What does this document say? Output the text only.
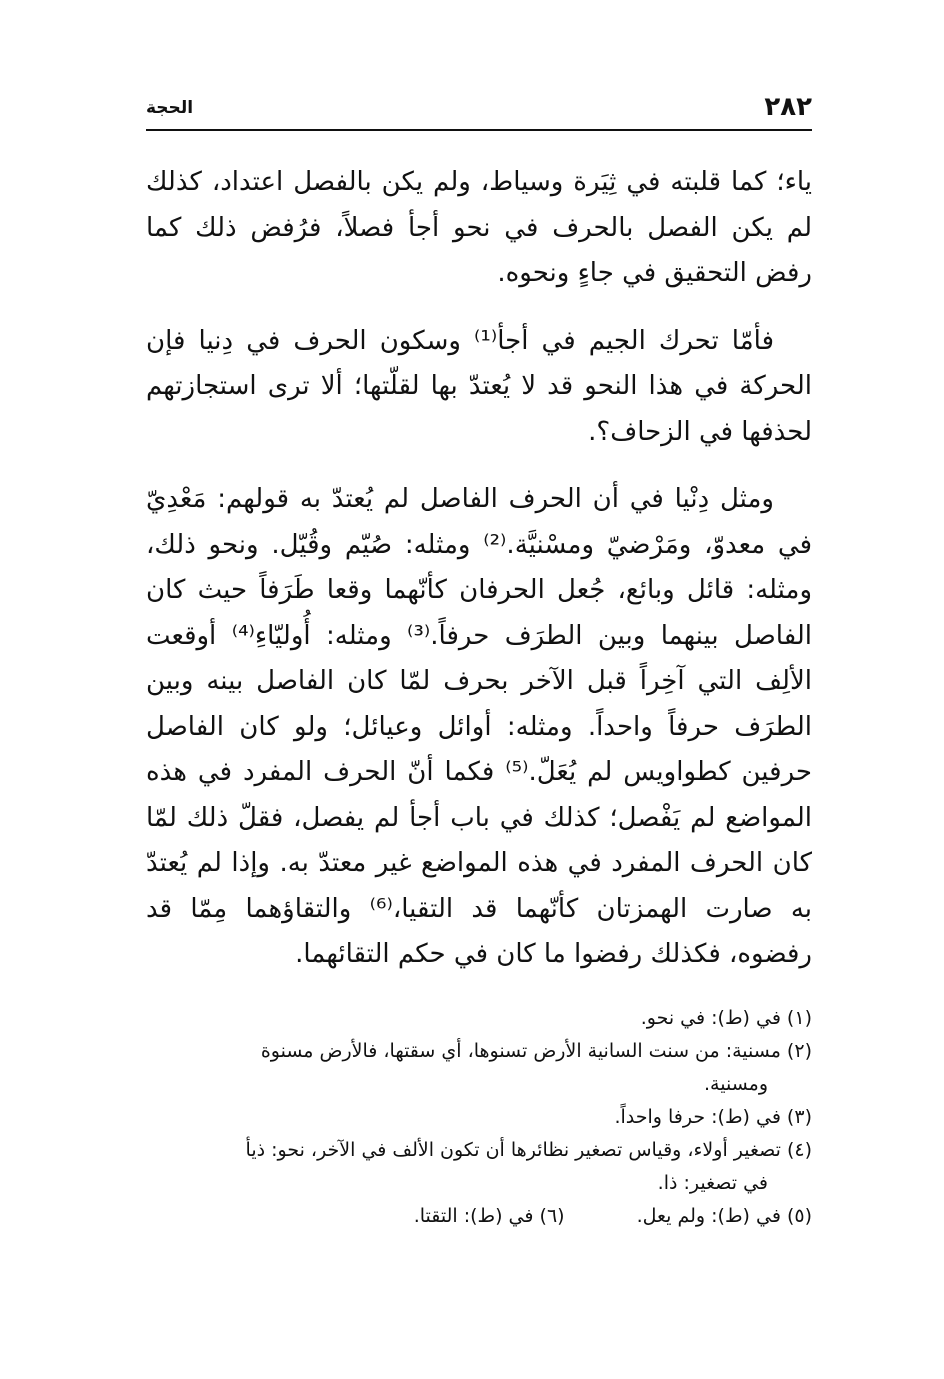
٢٨٢
الحجة

ياء؛ كما قلبته في ثِيَرة وسياط، ولم يكن بالفصل اعتداد، كذلك لم يكن الفصل بالحرف في نحو أجأ فصلاً، فرُفض ذلك كما رفض التحقيق في جاءٍ ونحوه.

فأمّا تحرك الجيم في أجأ⁽¹⁾ وسكون الحرف في دِنيا فإن الحركة في هذا النحو قد لا يُعتدّ بها لقلّتها؛ ألا ترى استجازتهم لحذفها في الزحاف؟.

ومثل دِنْيا في أن الحرف الفاصل لم يُعتدّ به قولهم: مَعْدِيّ في معدوّ، ومَرْضيّ ومسْنيَّة.⁽²⁾ ومثله: صُيّم وقُيّل. ونحو ذلك، ومثله: قائل وبائع، جُعل الحرفان كأنّهما وقعا طَرَفاً حيث كان الفاصل بينهما وبين الطرَف حرفاً.⁽³⁾ ومثله: أُوليّاءِ⁽⁴⁾ أوقعت الألِف التي آخِراً قبل الآخر بحرف لمّا كان الفاصل بينه وبين الطرَف حرفاً واحداً. ومثله: أوائل وعيائل؛ ولو كان الفاصل حرفين كطواويس لم يُعَلّ.⁽⁵⁾ فكما أنّ الحرف المفرد في هذه المواضع لم يَفْصل؛ كذلك في باب أجأ لم يفصل، فقلّ ذلك لمّا كان الحرف المفرد في هذه المواضع غير معتدّ به. وإذا لم يُعتدّ به صارت الهمزتان كأنّهما قد التقيا،⁽⁶⁾ والتقاؤهما مِمّا قد رفضوه، فكذلك رفضوا ما كان في حكم التقائهما.

(١) في (ط): في نحو.

(٢) مسنية: من سنت السانية الأرض تسنوها، أي سقتها، فالأرض مسنوة
ومسنية.

(٣) في (ط): حرفا واحداً.

(٤) تصغير أولاء، وقياس تصغير نظائرها أن تكون الألف في الآخر، نحو: ذيأ
في تصغير: ذا.

(٥) في (ط): ولم يعل.
(٦) في (ط): التقتا.
